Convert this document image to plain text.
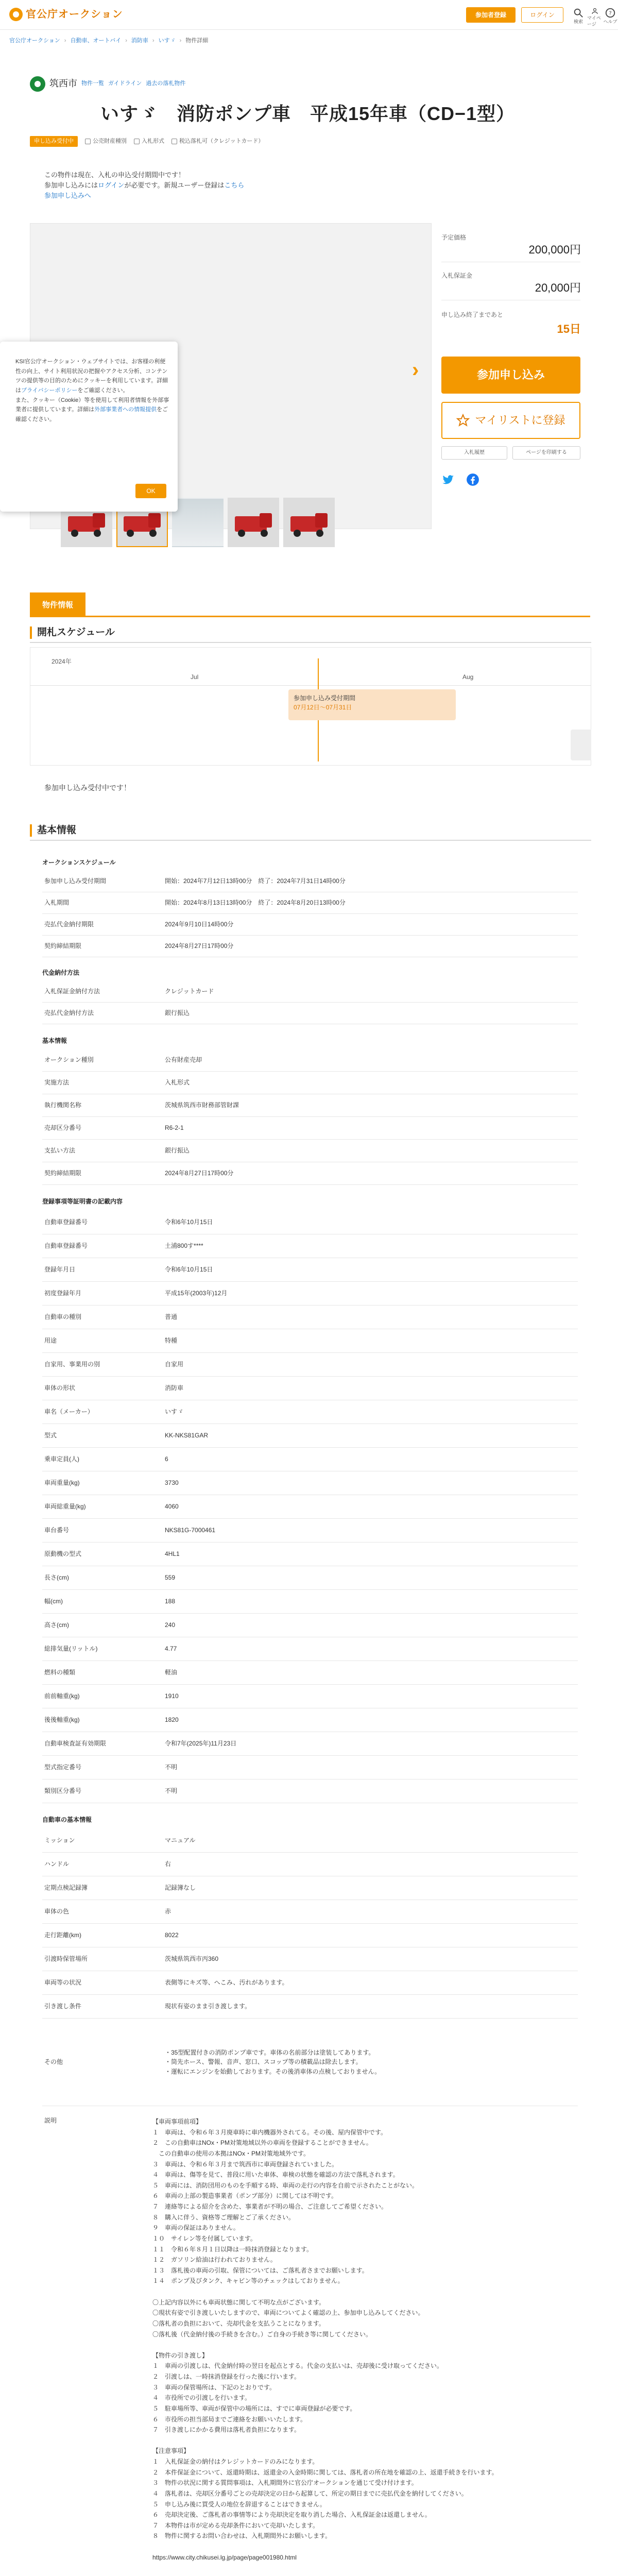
官公庁オークション	参加者登録	ログイン
検索
マイページ
?
ヘルプ
官公庁オークション › 自動車、オートバイ › 消防車 › いすゞ › 物件詳細
筑西市 物件一覧 ガイドライン 過去の落札物件
いすゞ　消防ポンプ車　平成15年車（CD−1型）
申し込み受付中	公売財産種別	入札形式	税込落札可（クレジットカード）
この物件は現在、入札の申込受付期間中です！
参加申し込みにはログインが必要です。新規ユーザー登録はこちら
参加申し込みへ
›
KSI官公庁オークション・ウェブサイトでは、お客様の利便性の向上、サイト利用状況の把握やアクセス分析、コンテンツの提供等の目的のためにクッキーを利用しています。詳細はプライバシーポリシーをご確認ください。
また、クッキー（Cookie）等を使用して利用者情報を外部事業者に提供しています。詳細は外部事業者への情報提供をご確認ください。
OK
予定価格
200,000円
入札保証金
20,000円
申し込み終了まであと
15日
参加申し込み
マイリストに登録
入札履歴	ページを印刷する
物件情報
開札スケジュール
2024年
Jul	Aug
参加申し込み受付期間
07月12日～07月31日
参加申し込み受付中です！
基本情報
オークションスケジュール
参加申し込み受付期間	開始：2024年7月12日13時00分　終了：2024年7月31日14時00分
入札期間	開始：2024年8月13日13時00分　終了：2024年8月20日13時00分
売払代金納付期限	2024年9月10日14時00分
契約締結期限	2024年8月27日17時00分
代金納付方法
入札保証金納付方法	クレジットカード
売払代金納付方法	銀行振込
基本情報
オークション種別	公有財産売却
実施方法	入札形式
執行機関名称	茨城県筑西市財務部管財課
売却区分番号	R6-2-1
支払い方法	銀行振込
契約締結期限	2024年8月27日17時00分
登録事項等証明書の記載内容
自動車登録番号	令和6年10月15日
自動車登録番号	土浦800す****
登録年月日	令和6年10月15日
初度登録年月	平成15年(2003年)12月
自動車の種別	普通
用途	特種
自家用、事業用の別	自家用
車体の形状	消防車
車名（メーカー）	いすゞ
型式	KK-NKS81GAR
乗車定員(人)	6
車両重量(kg)	3730
車両総重量(kg)	4060
車台番号	NKS81G-7000461
原動機の型式	4HL1
長さ(cm)	559
幅(cm)	188
高さ(cm)	240
総排気量(リットル)	4.77
燃料の種類	軽油
前前軸重(kg)	1910
後後軸重(kg)	1820
自動車検査証有効期限	令和7年(2025年)11月23日
型式指定番号	不明
類別区分番号	不明
自動車の基本情報
ミッション	マニュアル
ハンドル	右
定期点検記録簿	記録簿なし
車体の色	赤
走行距離(km)	8022
引渡時保管場所	茨城県筑西市丙360
車両等の状況	表側等にキズ等、へこみ、汚れがあります。
引き渡し条件	現状有姿のまま引き渡します。
その他
・35型配置付きの消防ポンプ車です。車体の名前部分は塗装してあります。
・筒先ホース、警報、音声、窓口、スコップ等の積載品は除去します。
・運転にエンジンを始動しております。その後消車体の点検しておりません。
説明	【車両事項前項】
１　車両は、令和６年３月廃車時に車内機器外されてる。その後、屋内保管中です。
２　この自動車はNOx・PM対策地域以外の車両を登録することができません。
　この自動車の使用の本拠はNOx・PM対策地域外です。
３　車両は、令和６年３月まで筑西市に車両登録されていました。
４　車両は、傷等を見て、普段に用いた車体、車検の状態を確認の方法で落札されます。
５　車両には、消防団用のものを手順する時、車両の走行の内容を自前で示されたことがない。
６　車両の上部の製造事業者（ポンプ部分）に関しては不明です。
７　連絡等による紹介を含めた、事業者が不明の場合、ご注意してご希望ください。
８　購入に伴う、資格等ご理解とご了承ください。
９　車両の保証はありません。
１０　サイレン等を付属しています。
１１　令和６年８月１日以降は一時抹消登録となります。
１２　ガソリン給油は行われておりません。
１３　落札後の車両の引取、保管については、ご落札者さまでお願いします。
１４　ポンプ及びタンク、キャビン等のチェックはしておりません。

〇上記内容以外にも車両状態に関して不明な点がございます。
〇現状有姿で引き渡しいたしますので、車両についてよく確認の上、参加申し込みしてください。
〇落札者の負担において、売却代金を支払うことになります。
〇落札後（代金納付後の手続きを含む。）ご自身の手続き等に関してください。

【物件の引き渡し】
１　車両の引渡しは、代金納付時の翌日を起点とする。代金の支払いは、売却後に受け取ってください。
２　引渡しは、一時抹消登録を行った後に行います。
３　車両の保管場所は、下記のとおりです。
４　市役所での引渡しを行います。
５　駐車場所等、車両が保管中の場所には、すでに車両登録が必要です。
６　市役所の担当部局までご連絡をお願いいたします。
７　引き渡しにかかる費用は落札者負担になります。

【注意事項】
１　入札保証金の納付はクレジットカードのみになります。
２　本件保証金について、返還時期は、返還金の入金時期に関しては、落札者の所在地を確認の上、返還手続きを行います。
３　物件の状況に関する質問事項は、入札期間外に官公庁オークションを通じて受け付けます。
４　落札者は、売却区分番号ごとの売却決定の日から起算して、所定の期日までに売払代金を納付してください。
５　申し込み後に買受人の地位を辞退することはできません。
６　売却決定後、ご落札者の事情等により売却決定を取り消した場合、入札保証金は返還しません。
７　本物件は市が定める売却条件において売却いたします。
８　物件に関するお問い合わせは、入札期間外にお願いします。

https://www.city.chikusei.lg.jp/page/page001980.html
